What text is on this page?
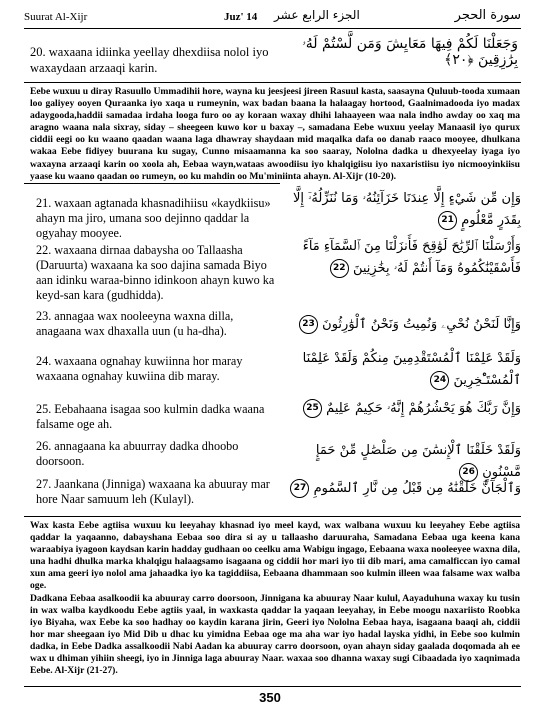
Suurat Al-Xijr	Juz' 14 الجزء الرابع عشر	سورة الحجر
20. waxaana idiinka yeellay dhexdiisa nolol iyo waxaydaan arzaaqi karin.
وَجَعَلْنَا لَكُمْ فِيهَا مَعَايِشَ وَمَن لَّسْتُمْ لَهُۥ بِرَٰزِقِينَ ﴿٢٠﴾
Eebe wuxuu u diray Rasuullo Ummadihii hore, wayna ku jeesjeesi jireen Rasuul kasta, saasayna Quluub-tooda xumaan loo galiyey ooyen Quraanka iyo xaqa u rumeynin, wax badan baana la halaagay hortood, Gaalnimadooda iyo madax adaygooda,haddii samadaa irdaha looga furo oo ay koraan waxay dhihi lahaayeen waa nala indho awday oo xaq ma aragno waana nala sixray, siday – sheegeen kuwo kor u baxay –, samadana Eebe wuxuu yeelay Manaasil iyo qurux ciddii eegi oo ku waano qaadan waana laga dhawray shaydaan mid maqalka dafa oo danab raaco mooyee, dhulkana wakaa Eebe fidiyey buurana ku sugay, Cunno misaamanna ka soo saaray, Nololna dadka u dhexyeelay iyaga iyo waxayna arzaaqi karin oo xoola ah, Eebaa wayn,wataas awoodiisu iyo khalqigiisu iyo naxaristiisu iyo nicmooyinkiisu yaase ku waano qaadan oo rumeyn, oo ku mahdin oo Mu'miniinta ahayn. Al-Xijr (10-20).
21. waxaan agtanada khasnadihiisu «kaydkiisu» ahayn ma jiro, umana soo dejinno qaddar la ogyahay mooyee.
وَإِن مِّن شَيْءٍ إِلَّا عِندَنَا خَزَآئِنُهُۥ وَمَا نُنَزِّلُهُۥٓ إِلَّا بِقَدَرٍ مَّعْلُومٍ 21
22. waxaana dirnaa dabaysha oo Tallaasha (Daruurta) waxaana ka soo dajina samada Biyo aan idinku waraa-binno idinkoon ahayn kuwo ka keyd-san kara (gudhidda).
وَأَرْسَلْنَا ٱلرِّيَٰحَ لَوَٰقِحَ فَأَنزَلْنَا مِنَ ٱلسَّمَآءِ مَآءً فَأَسْقَيْنَٰكُمُوهُ وَمَآ أَنتُمْ لَهُۥ بِخَٰزِنِينَ 22
23. annagaa wax nooleeyna waxna dilla, anagaana wax dhaxalla uun (u ha-dha).	وَإِنَّا لَنَحْنُ نُحْيِۦ وَنُمِيتُ وَنَحْنُ ٱلْوَٰرِثُونَ 23
24. waxaana ognahay kuwiinna hor maray waxaana ognahay kuwiina dib maray.
وَلَقَدْ عَلِمْنَا ٱلْمُسْتَقْدِمِينَ مِنكُمْ وَلَقَدْ عَلِمْنَا ٱلْمُسْتَـْٔخِرِينَ 24
25. Eebahaana isagaa soo kulmin dadka waana falsame oge ah.
وَإِنَّ رَبَّكَ هُوَ يَحْشُرُهُمْ إِنَّهُۥ حَكِيمٌ عَلِيمٌ 25
26. annagaana ka abuurray dadka dhoobo doorsoon.
وَلَقَدْ خَلَقْنَا ٱلْإِنسَٰنَ مِن صَلْصَٰلٍ مِّنْ حَمَإٍ مَّسْنُونٍ 26
27. Jaankana (Jinniga) waxaana ka abuuray mar hore Naar samuum leh (Kulayl).
وَٱلْجَآنَّ خَلَقْنَٰهُ مِن قَبْلُ مِن نَّارِ ٱلسَّمُومِ 27
Wax kasta Eebe agtiisa wuxuu ku leeyahay khasnad iyo meel kayd, wax walbana wuxuu ku leeyahey Eebe agtiisa qaddar la yaqaanno, dabayshana Eebaa soo dira si ay u tallaasho daruuraha, Samadana Eebaa uga keena kana waraabiya iyagoon kaydsan karin hadday gudhaan oo ceelku ama Wabigu ingago, Eebaana waxa nooleeyee waxna dila, una hadhi dhulka marka khalqigu halaagsamo isagaana og ciddii hor mari iyo tii dib mari, ama camalficcan iyo camal xun ama geeri iyo nolol ama jahaadka iyo ka tagiddiisa, Eebaana dhammaan soo kulmin illeen waa falsame wax walba oge.
Dadkana Eebaa asalkoodii ka abuuray carro doorsoon, Jinnigana ka abuuray Naar kulul, Aayaduhuna waxay ku tusin in wax walba kaydkoodu Eebe agtiis yaal, in waxkasta qaddar la yaqaan leeyahay, in Eebe moogu naxariisto Roobka iyo Biyaha, wax Eebe ka soo hadhay oo kaydin karana jirin, Geeri iyo Nololna Eebaa haya, isagaana baaqi ah, ciddii hor mar sheegaan iyo Mid Dib u dhac ku yimidna Eebaa oge ma aha war iyo hadal layska yidhi, in Eebe soo kulmin dadka, in Eebe Dadka assalkoodii Nabi Aadan ka abuuray carro doorsoon, oyan ahayn siday gaalada doqomada ah ee wax u dhiman yihiin sheegi, iyo in Jinniga laga abuuray Naar. waxaa soo dhanna waxay sugi Cibaadada iyo xaqnimada Eebe. Al-Xijr (21-27).
350
